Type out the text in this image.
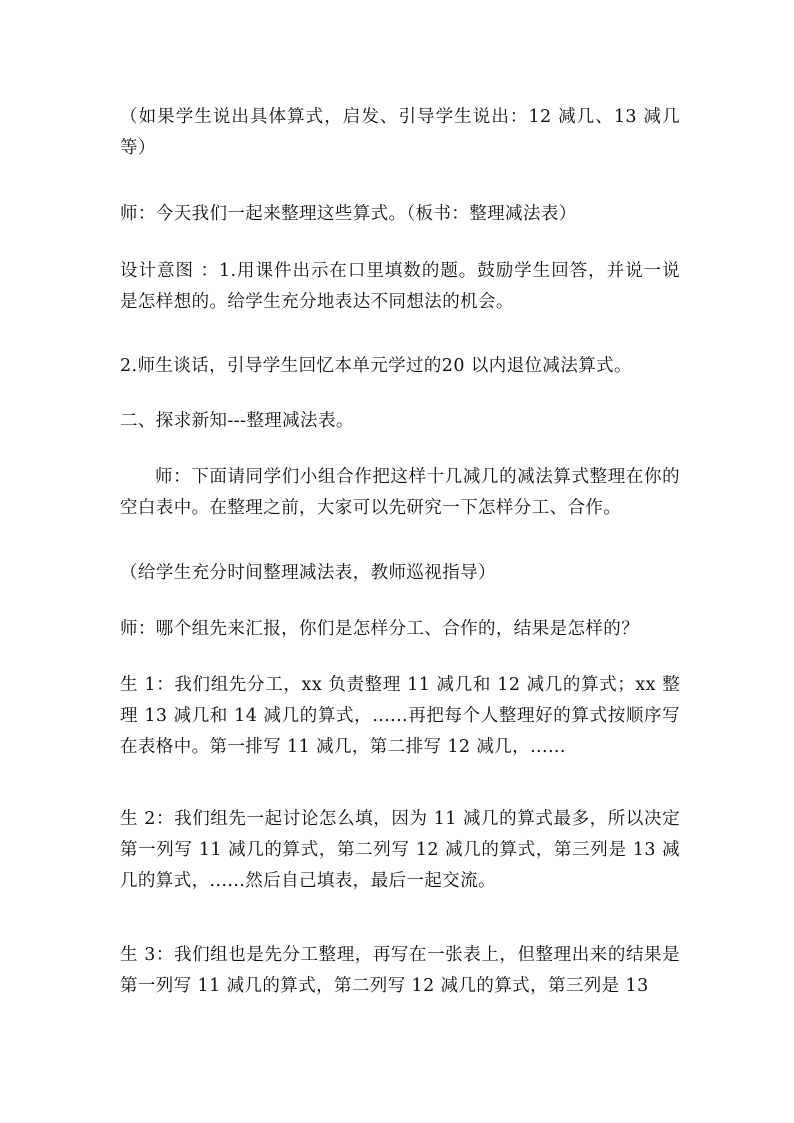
（如果学生说出具体算式，启发、引导学生说出：12 减几、13 减几等）

师：今天我们一起来整理这些算式。（板书：整理减法表）

设计意图 ：1.用课件出示在口里填数的题。鼓励学生回答，并说一说是怎样想的。给学生充分地表达不同想法的机会。

2.师生谈话，引导学生回忆本单元学过的20 以内退位减法算式。

二、探求新知---整理减法表。

师：下面请同学们小组合作把这样十几减几的减法算式整理在你的空白表中。在整理之前，大家可以先研究一下怎样分工、合作。

（给学生充分时间整理减法表，教师巡视指导）

师：哪个组先来汇报，你们是怎样分工、合作的，结果是怎样的？

生 1：我们组先分工，xx 负责整理 11 减几和 12 减几的算式；xx 整理 13 减几和 14 减几的算式，......再把每个人整理好的算式按顺序写在表格中。第一排写 11 减几，第二排写 12 减几，......

生 2：我们组先一起讨论怎么填，因为 11 减几的算式最多，所以决定第一列写 11 减几的算式，第二列写 12 减几的算式，第三列是 13 减几的算式，......然后自己填表，最后一起交流。

生 3：我们组也是先分工整理，再写在一张表上，但整理出来的结果是 第一列写 11 减几的算式，第二列写 12 减几的算式，第三列是 13
